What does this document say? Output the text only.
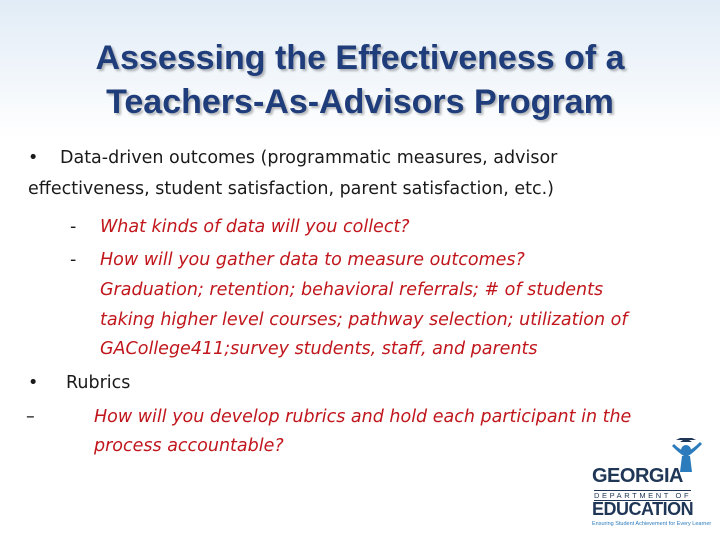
Assessing the Effectiveness of a
Teachers-As-Advisors Program
• Data-driven outcomes (programmatic measures, advisor
effectiveness, student satisfaction, parent satisfaction, etc.)
- What kinds of data will you collect?
- How will you gather data to measure outcomes?
Graduation; retention; behavioral referrals; # of students
taking higher level courses; pathway selection; utilization of
GACollege411;survey students, staff, and parents
• Rubrics
–	How will you develop rubrics and hold each participant in the
process accountable?
GEORGIA
DEPARTMENT OF
EDUCATION
Ensuring Student Achievement for Every Learner
